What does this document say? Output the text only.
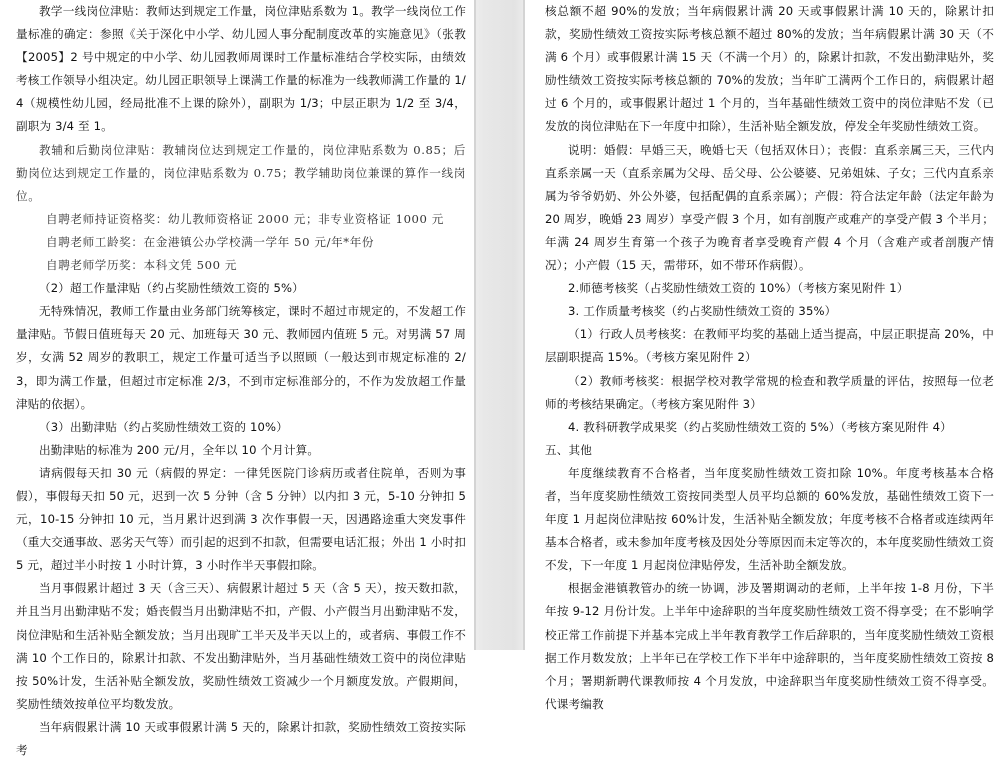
教学一线岗位津贴：教师达到规定工作量，岗位津贴系数为 1。教学一线岗位工作量标准的确定：参照《关于深化中小学、幼儿园人事分配制度改革的实施意见》（张教【2005】2 号中规定的中小学、幼儿园教师周课时工作量标准结合学校实际，由绩效考核工作领导小组决定。幼儿园正职领导上课满工作量的标准为一线教师满工作量的 1/4（规模性幼儿园，经局批准不上课的除外），副职为 1/3；中层正职为 1/2 至 3/4，副职为 3/4 至 1。

教辅和后勤岗位津贴：教辅岗位达到规定工作量的，岗位津贴系数为 0.85；后勤岗位达到规定工作量的，岗位津贴系数为 0.75；教学辅助岗位兼课的算作一线岗位。

自聘老师持证资格奖：幼儿教师资格证 2000 元；非专业资格证 1000 元

自聘老师工龄奖：在金港镇公办学校满一学年 50 元/年*年份

自聘老师学历奖：本科文凭 500 元

（2）超工作量津贴（约占奖励性绩效工资的 5%）

无特殊情况，教师工作量由业务部门统筹核定，课时不超过市规定的，不发超工作量津贴。节假日值班每天 20 元、加班每天 30 元、教师园内值班 5 元。对男满 57 周岁，女满 52 周岁的教职工，规定工作量可适当予以照顾（一般达到市规定标准的 2/3，即为满工作量，但超过市定标准 2/3，不到市定标准部分的，不作为发放超工作量津贴的依据）。

（3）出勤津贴（约占奖励性绩效工资的 10%）

出勤津贴的标准为 200 元/月，全年以 10 个月计算。

请病假每天扣 30 元（病假的界定：一律凭医院门诊病历或者住院单，否则为事假），事假每天扣 50 元，迟到一次 5 分钟（含 5 分钟）以内扣 3 元，5-10 分钟扣 5 元，10-15 分钟扣 10 元，当月累计迟到满 3 次作事假一天，因遇路途重大突发事件（重大交通事故、恶劣天气等）而引起的迟到不扣款，但需要电话汇报；外出 1 小时扣 5 元，超过半小时按 1 小时计算，3 小时作半天事假扣除。

当月事假累计超过 3 天（含三天）、病假累计超过 5 天（含 5 天），按天数扣款，并且当月出勤津贴不发；婚丧假当月出勤津贴不扣，产假、小产假当月出勤津贴不发，岗位津贴和生活补贴全额发放；当月出现旷工半天及半天以上的，或者病、事假工作不满 10 个工作日的，除累计扣款、不发出勤津贴外，当月基础性绩效工资中的岗位津贴按 50%计发，生活补贴全额发放，奖励性绩效工资减少一个月额度发放。产假期间，奖励性绩效按单位平均数发放。

当年病假累计满 10 天或事假累计满 5 天的，除累计扣款，奖励性绩效工资按实际考

核总额不超 90%的发放；当年病假累计满 20 天或事假累计满 10 天的，除累计扣款，奖励性绩效工资按实际考核总额不超过 80%的发放；当年病假累计满 30 天（不满 6 个月）或事假累计满 15 天（不满一个月）的，除累计扣款，不发出勤津贴外，奖励性绩效工资按实际考核总额的 70%的发放；当年旷工满两个工作日的，病假累计超过 6 个月的，或事假累计超过 1 个月的，当年基础性绩效工资中的岗位津贴不发（已发放的岗位津贴在下一年度中扣除），生活补贴全额发放，停发全年奖励性绩效工资。

说明：婚假：早婚三天，晚婚七天（包括双休日）；丧假：直系亲属三天，三代内直系亲属一天（直系亲属为父母、岳父母、公公婆婆、兄弟姐妹、子女；三代内直系亲属为爷爷奶奶、外公外婆，包括配偶的直系亲属）；产假：符合法定年龄（法定年龄为 20 周岁，晚婚 23 周岁）享受产假 3 个月，如有剖腹产或难产的享受产假 3 个半月；年满 24 周岁生育第一个孩子为晚育者享受晚育产假 4 个月（含难产或者剖腹产情况）；小产假（15 天，需带环，如不带环作病假）。

2.师德考核奖（占奖励性绩效工资的 10%）（考核方案见附件 1）

3. 工作质量考核奖（约占奖励性绩效工资的 35%）

（1）行政人员考核奖：在教师平均奖的基础上适当提高，中层正职提高 20%，中层副职提高 15%。（考核方案见附件 2）

（2）教师考核奖：根据学校对教学常规的检查和教学质量的评估，按照每一位老师的考核结果确定。（考核方案见附件 3）

4. 教科研教学成果奖（约占奖励性绩效工资的 5%）（考核方案见附件 4）

五、其他

年度继续教育不合格者，当年度奖励性绩效工资扣除 10%。年度考核基本合格者，当年度奖励性绩效工资按同类型人员平均总额的 60%发放，基础性绩效工资下一年度 1 月起岗位津贴按 60%计发，生活补贴全额发放；年度考核不合格者或连续两年基本合格者，或未参加年度考核及因处分等原因而未定等次的，本年度奖励性绩效工资不发，下一年度 1 月起岗位津贴停发，生活补助全额发放。

根据金港镇教管办的统一协调，涉及署期调动的老师，上半年按 1-8 月份，下半年按 9-12 月份计发。上半年中途辞职的当年度奖励性绩效工资不得享受；在不影响学校正常工作前提下并基本完成上半年教育教学工作后辞职的，当年度奖励性绩效工资根据工作月数发放；上半年已在学校工作下半年中途辞职的，当年度奖励性绩效工资按 8 个月；署期新聘代课教师按 4 个月发放，中途辞职当年度奖励性绩效工资不得享受。代课考编教
